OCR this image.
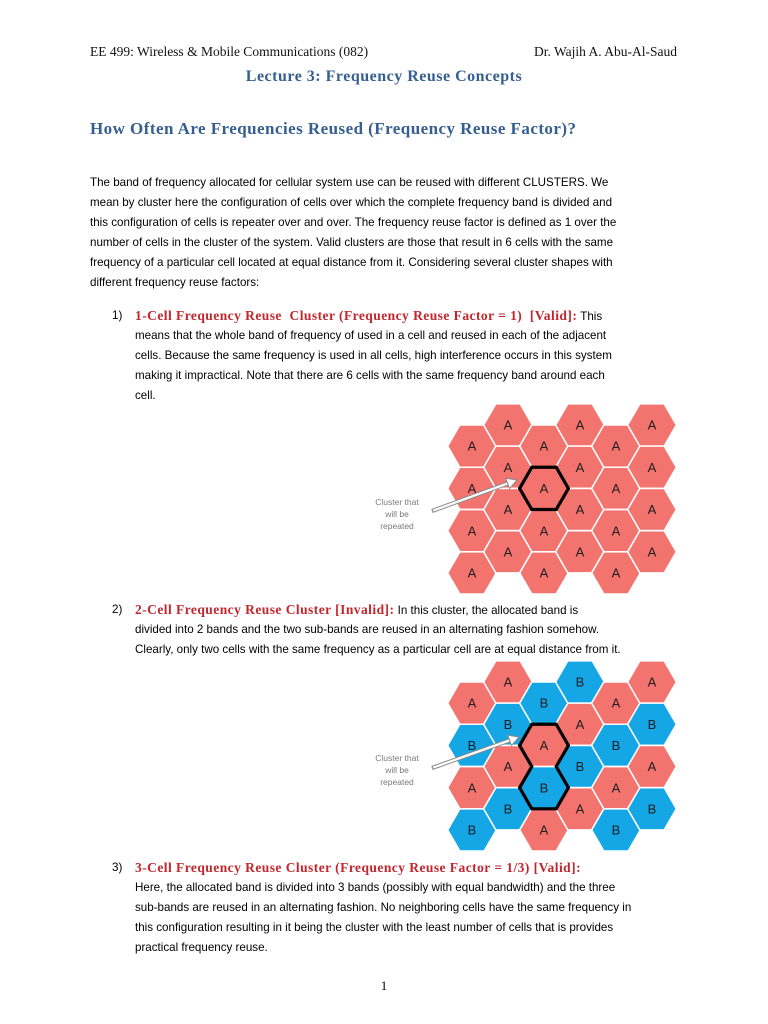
EE 499: Wireless & Mobile Communications (082)	Dr. Wajih A. Abu-Al-Saud
Lecture 3: Frequency Reuse Concepts
How Often Are Frequencies Reused (Frequency Reuse Factor)?
The band of frequency allocated for cellular system use can be reused with different CLUSTERS. We
mean by cluster here the configuration of cells over which the complete frequency band is divided and
this configuration of cells is repeater over and over. The frequency reuse factor is defined as 1 over the
number of cells in the cluster of the system. Valid clusters are those that result in 6 cells with the same
frequency of a particular cell located at equal distance from it. Considering several cluster shapes with
different frequency reuse factors:
1) 1-Cell Frequency Reuse  Cluster (Frequency Reuse Factor = 1)  [Valid]: This
means that the whole band of frequency of used in a cell and reused in each of the adjacent
cells. Because the same frequency is used in all cells, high interference occurs in this system
making it impractical. Note that there are 6 cells with the same frequency band around each
cell.
A
A
A
A
A
A
A
A
A
A
A
A
A
A
A
A
A
A
A
A
A
A
A
A
Cluster that
will be
repeated
2) 2-Cell Frequency Reuse Cluster [Invalid]: In this cluster, the allocated band is
divided into 2 bands and the two sub-bands are reused in an alternating fashion somehow.
Clearly, only two cells with the same frequency as a particular cell are at equal distance from it.
A
B
A
B
A
B
A
B
B
A
B
A
B
A
B
A
A
B
A
B
A
B
A
B
Cluster that
will be
repeated
3) 3-Cell Frequency Reuse Cluster (Frequency Reuse Factor = 1/3) [Valid]:
Here, the allocated band is divided into 3 bands (possibly with equal bandwidth) and the three
sub-bands are reused in an alternating fashion. No neighboring cells have the same frequency in
this configuration resulting in it being the cluster with the least number of cells that is provides
practical frequency reuse.
1
